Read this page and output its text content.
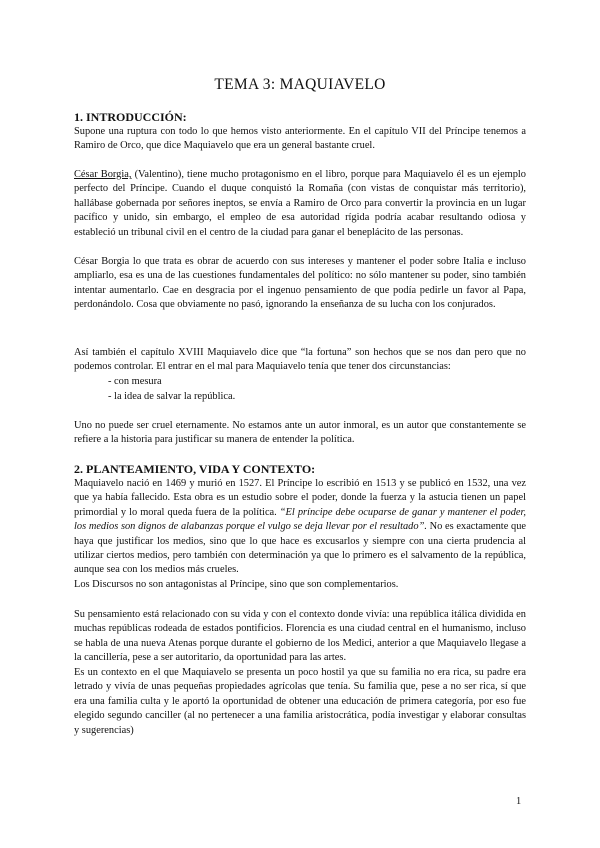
TEMA 3: MAQUIAVELO
1. INTRODUCCIÓN:

Supone una ruptura con todo lo que hemos visto anteriormente. En el capítulo VII del Príncipe tenemos a Ramiro de Orco, que dice Maquiavelo que era un general bastante cruel.

César Borgia, (Valentino), tiene mucho protagonismo en el libro, porque para Maquiavelo él es un ejemplo perfecto del Príncipe. Cuando el duque conquistó la Romaña (con vistas de conquistar más territorio), hallábase gobernada por señores ineptos, se envía a Ramiro de Orco para convertir la provincia en un lugar pacífico y unido, sin embargo, el empleo de esa autoridad rígida podría acabar resultando odiosa y estableció un tribunal civil en el centro de la ciudad para ganar el beneplácito de las personas.

César Borgia lo que trata es obrar de acuerdo con sus intereses y mantener el poder sobre Italia e incluso ampliarlo, esa es una de las cuestiones fundamentales del político: no sólo mantener su poder, sino también intentar aumentarlo. Cae en desgracia por el ingenuo pensamiento de que podía pedirle un favor al Papa, perdonándolo. Cosa que obviamente no pasó, ignorando la enseñanza de su lucha con los conjurados.

Así también el capítulo XVIII Maquiavelo dice que “la fortuna” son hechos que se nos dan pero que no podemos controlar. El entrar en el mal para Maquiavelo tenía que tener dos circunstancias:

- con mesura
- la idea de salvar la república.

Uno no puede ser cruel eternamente. No estamos ante un autor inmoral, es un autor que constantemente se refiere a la historia para justificar su manera de entender la política.

2. PLANTEAMIENTO, VIDA Y CONTEXTO:

Maquiavelo nació en 1469 y murió en 1527. El Príncipe lo escribió en 1513 y se publicó en 1532, una vez que ya había fallecido. Esta obra es un estudio sobre el poder, donde la fuerza y la astucia tienen un papel primordial y lo moral queda fuera de la política. “El príncipe debe ocuparse de ganar y mantener el poder, los medios son dignos de alabanzas porque el vulgo se deja llevar por el resultado”. No es exactamente que haya que justificar los medios, sino que lo que hace es excusarlos y siempre con una cierta prudencia al utilizar ciertos medios, pero también con determinación ya que lo primero es el salvamento de la república, aunque sea con los medios más crueles.

Los Discursos no son antagonistas al Príncipe, sino que son complementarios.

Su pensamiento está relacionado con su vida y con el contexto donde vivía: una república itálica dividida en muchas repúblicas rodeada de estados pontificios. Florencia es una ciudad central en el humanismo, incluso se habla de una nueva Atenas porque durante el gobierno de los Medici, anterior a que Maquiavelo llegase a la cancillería, pese a ser autoritario, da oportunidad para las artes.

Es un contexto en el que Maquiavelo se presenta un poco hostil ya que su familia no era rica, su padre era letrado y vivía de unas pequeñas propiedades agrícolas que tenía. Su familia que, pese a no ser rica, sí que era una familia culta y le aportó la oportunidad de obtener una educación de primera categoría, por eso fue elegido segundo canciller (al no pertenecer a una familia aristocrática, podía investigar y elaborar consultas y sugerencias)

1
